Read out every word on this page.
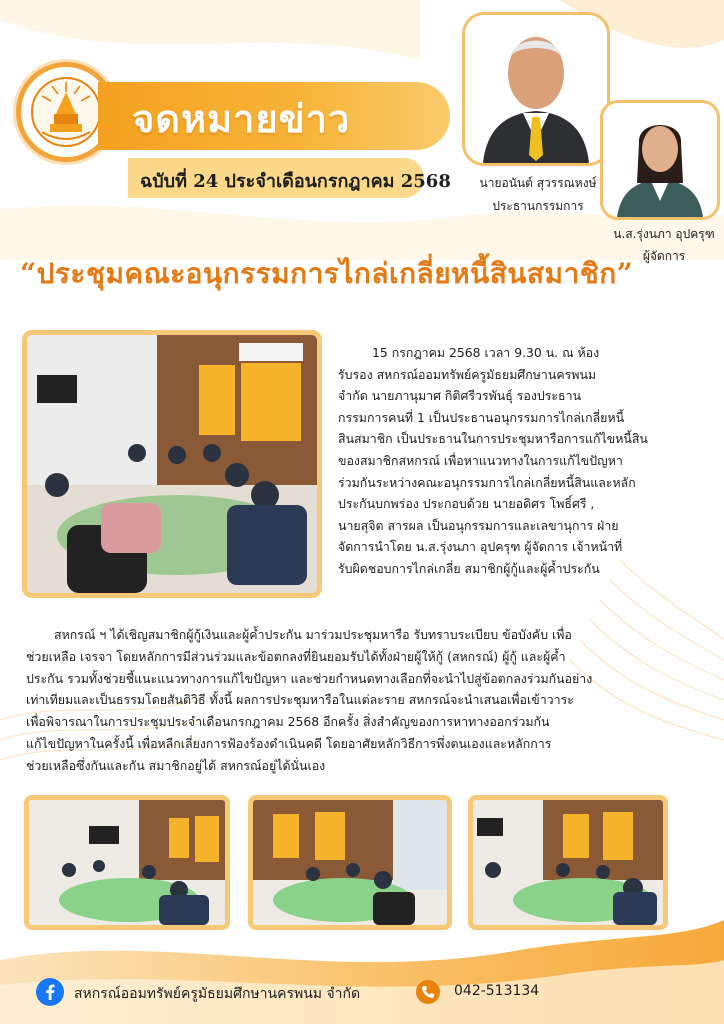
จดหมายข่าว
ฉบับที่ 24 ประจำเดือนกรกฎาคม 2568	นายอนันต์ สุวรรณหงษ์
ประธานกรรมการ
น.ส.รุ่งนภา อุปครุฑ
ผู้จัดการ
“ประชุมคณะอนุกรรมการไกล่เกลี่ยหนี้สินสมาชิก”
15 กรกฎาคม 2568 เวลา 9.30 น. ณ ห้อง
รับรอง สหกรณ์ออมทรัพย์ครูมัธยมศึกษานครพนม
จำกัด นายภานุมาศ กิติศรีวรพันธุ์ รองประธาน
กรรมการคนที่ 1 เป็นประธานอนุกรรมการไกล่เกลี่ยหนี้
สินสมาชิก เป็นประธานในการประชุมหารือการแก้ไขหนี้สิน
ของสมาชิกสหกรณ์ เพื่อหาแนวทางในการแก้ไขปัญหา
ร่วมกันระหว่างคณะอนุกรรมการไกล่เกลี่ยหนี้สินและหลัก
ประกันบกพร่อง ประกอบด้วย นายอดิศร โพธิ์ศรี ,
นายสุจิต สารผล เป็นอนุกรรมการและเลขานุการ ฝ่าย
จัดการนำโดย น.ส.รุ่งนภา อุปครุฑ ผู้จัดการ เจ้าหน้าที่
รับผิดชอบการไกล่เกลี่ย สมาชิกผู้กู้และผู้ค้ำประกัน
สหกรณ์ ฯ ได้เชิญสมาชิกผู้กู้เงินและผู้ค้ำประกัน มาร่วมประชุมหารือ รับทราบระเบียบ ข้อบังคับ เพื่อ
ช่วยเหลือ เจรจา โดยหลักการมีส่วนร่วมและข้อตกลงที่ยินยอมรับได้ทั้งฝ่ายผู้ให้กู้ (สหกรณ์) ผู้กู้ และผู้ค้ำ
ประกัน รวมทั้งช่วยชี้แนะแนวทางการแก้ไขปัญหา และช่วยกำหนดทางเลือกที่จะนำไปสู่ข้อตกลงร่วมกันอย่าง
เท่าเทียมและเป็นธรรมโดยสันติวิธี ทั้งนี้ ผลการประชุมหารือในแต่ละราย สหกรณ์จะนำเสนอเพื่อเข้าวาระ
เพื่อพิจารณาในการประชุมประจำเดือนกรกฎาคม 2568 อีกครั้ง สิ่งสำคัญของการหาทางออกร่วมกัน
แก้ไขปัญหาในครั้งนี้ เพื่อหลีกเลี่ยงการฟ้องร้องดำเนินคดี โดยอาศัยหลักวิธีการพึ่งตนเองและหลักการ
ช่วยเหลือซึ่งกันและกัน สมาชิกอยู่ได้ สหกรณ์อยู่ได้นั่นเอง
สหกรณ์ออมทรัพย์ครูมัธยมศึกษานครพนม จำกัด	042-513134
